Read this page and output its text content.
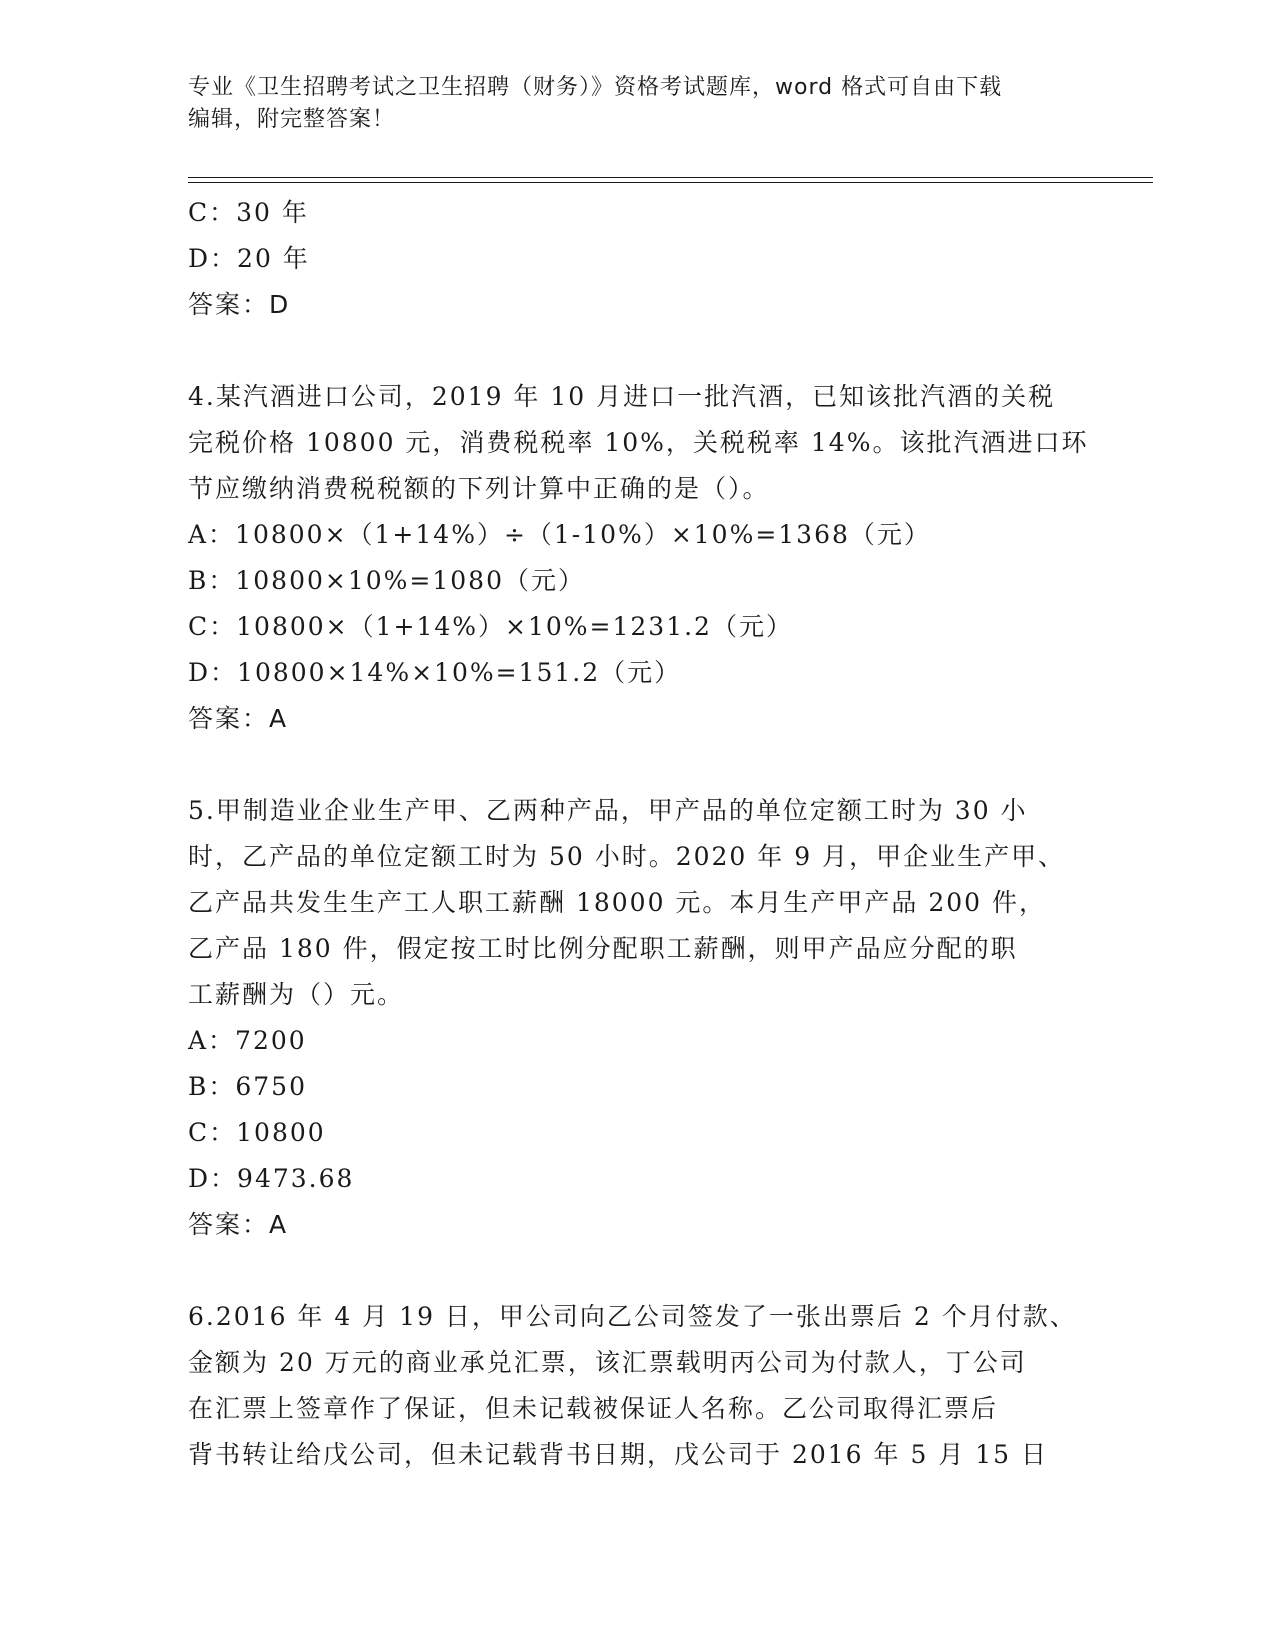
专业《卫生招聘考试之卫生招聘（财务）》资格考试题库，word 格式可自由下载
编辑，附完整答案！
C：30 年
D：20 年
答案：D
4.某汽酒进口公司，2019 年 10 月进口一批汽酒，已知该批汽酒的关税
完税价格 10800 元，消费税税率 10%，关税税率 14%。该批汽酒进口环
节应缴纳消费税税额的下列计算中正确的是（）。
A：10800×（1+14%）÷（1-10%）×10%=1368（元）
B：10800×10%=1080（元）
C：10800×（1+14%）×10%=1231.2（元）
D：10800×14%×10%=151.2（元）
答案：A
5.甲制造业企业生产甲、乙两种产品，甲产品的单位定额工时为 30 小
时，乙产品的单位定额工时为 50 小时。2020 年 9 月，甲企业生产甲、
乙产品共发生生产工人职工薪酬 18000 元。本月生产甲产品 200 件，
乙产品 180 件，假定按工时比例分配职工薪酬，则甲产品应分配的职
工薪酬为（）元。
A：7200
B：6750
C：10800
D：9473.68
答案：A
6.2016 年 4 月 19 日，甲公司向乙公司签发了一张出票后 2 个月付款、
金额为 20 万元的商业承兑汇票，该汇票载明丙公司为付款人，丁公司
在汇票上签章作了保证，但未记载被保证人名称。乙公司取得汇票后
背书转让给戊公司，但未记载背书日期，戊公司于 2016 年 5 月 15 日
